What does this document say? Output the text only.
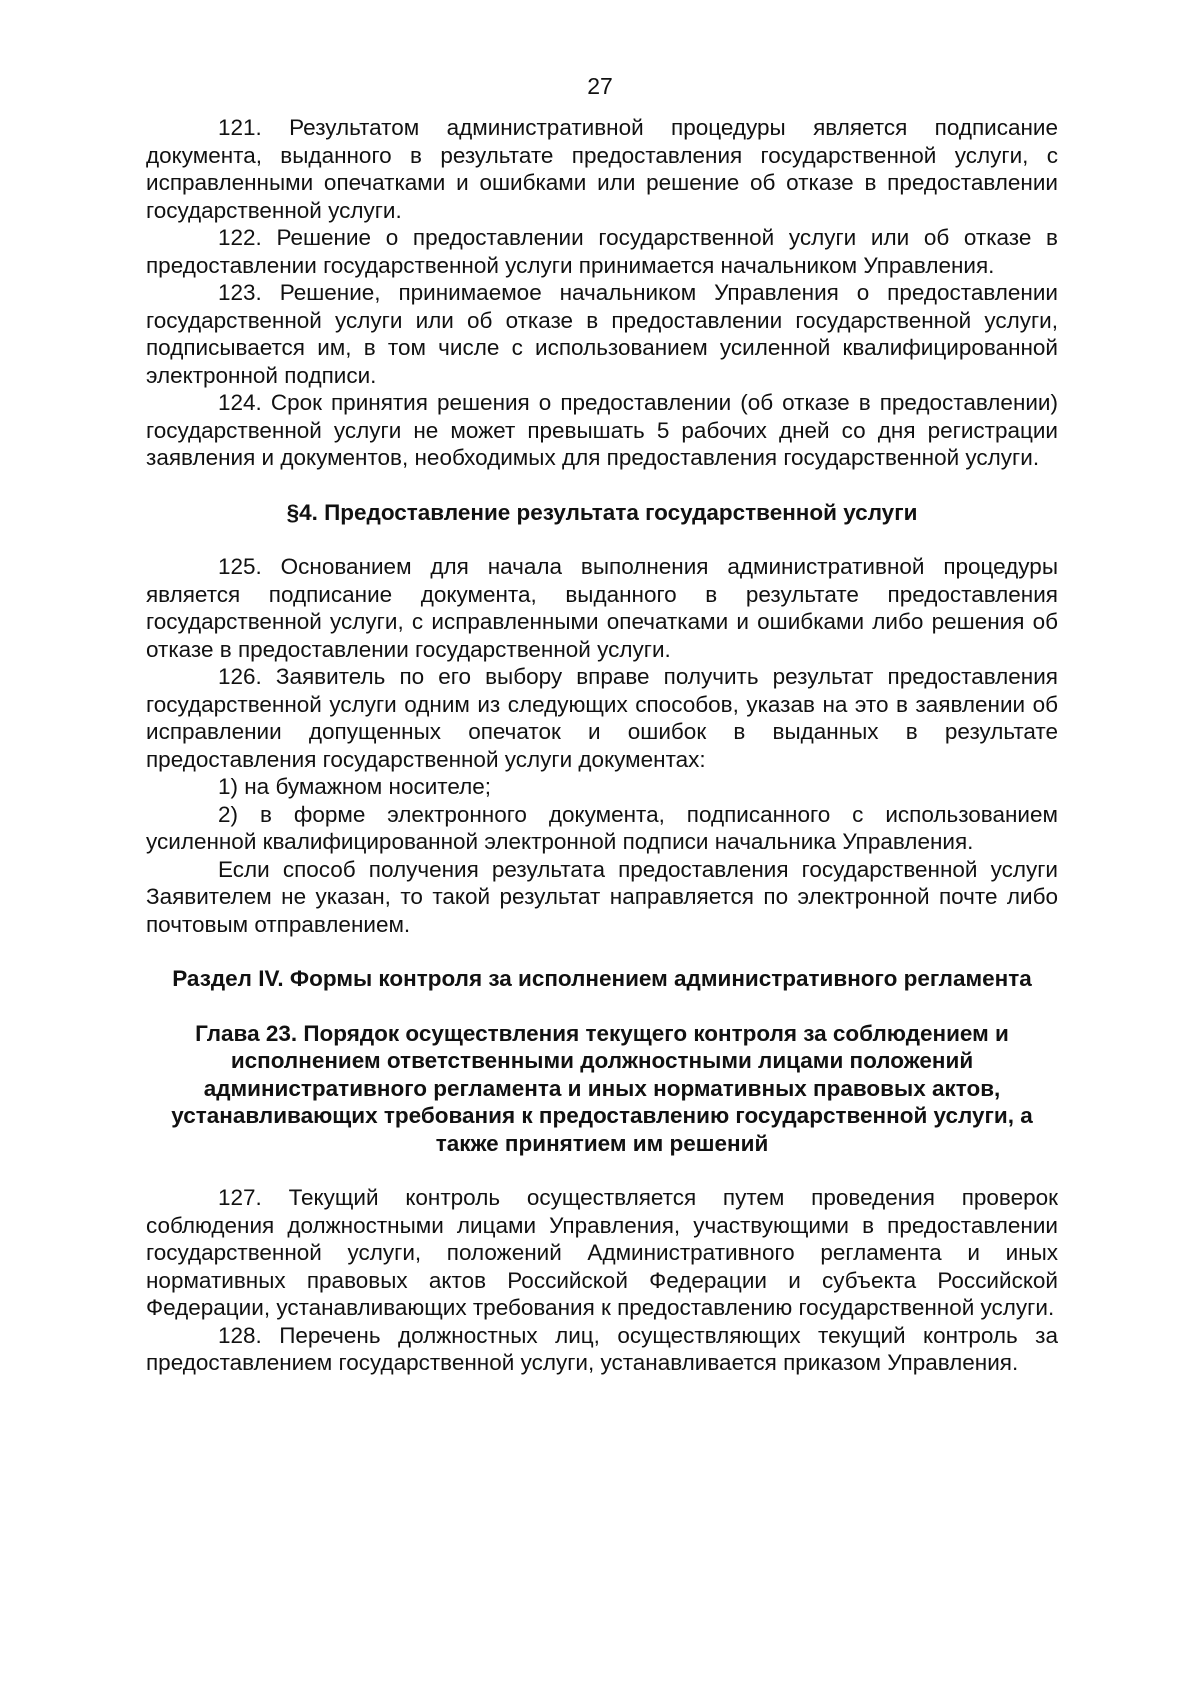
27

121. Результатом административной процедуры является подписание документа, выданного в результате предоставления государственной услуги, с исправленными опечатками и ошибками или решение об отказе в предоставлении государственной услуги.

122. Решение о предоставлении государственной услуги или об отказе в предоставлении государственной услуги принимается начальником Управления.

123. Решение, принимаемое начальником Управления о предоставлении государственной услуги или об отказе в предоставлении государственной услуги, подписывается им, в том числе с использованием усиленной квалифицированной электронной подписи.

124. Срок принятия решения о предоставлении (об отказе в предоставлении) государственной услуги не может превышать 5 рабочих дней со дня регистрации заявления и документов, необходимых для предоставления государственной услуги.

§4. Предоставление результата государственной услуги

125. Основанием для начала выполнения административной процедуры является подписание документа, выданного в результате предоставления государственной услуги, с исправленными опечатками и ошибками либо решения об отказе в предоставлении государственной услуги.

126. Заявитель по его выбору вправе получить результат предоставления государственной услуги одним из следующих способов, указав на это в заявлении об исправлении допущенных опечаток и ошибок в выданных в результате предоставления государственной услуги документах:

1) на бумажном носителе;

2) в форме электронного документа, подписанного с использованием усиленной квалифицированной электронной подписи начальника Управления.

Если способ получения результата предоставления государственной услуги Заявителем не указан, то такой результат направляется по электронной почте либо почтовым отправлением.

Раздел IV. Формы контроля за исполнением административного регламента

Глава 23. Порядок осуществления текущего контроля за соблюдением и исполнением ответственными должностными лицами положений административного регламента и иных нормативных правовых актов, устанавливающих требования к предоставлению государственной услуги, а также принятием им решений

127. Текущий контроль осуществляется путем проведения проверок соблюдения должностными лицами Управления, участвующими в предоставлении государственной услуги, положений Административного регламента и иных нормативных правовых актов Российской Федерации и субъекта Российской Федерации, устанавливающих требования к предоставлению государственной услуги.

128. Перечень должностных лиц, осуществляющих текущий контроль за предоставлением государственной услуги, устанавливается приказом Управления.
